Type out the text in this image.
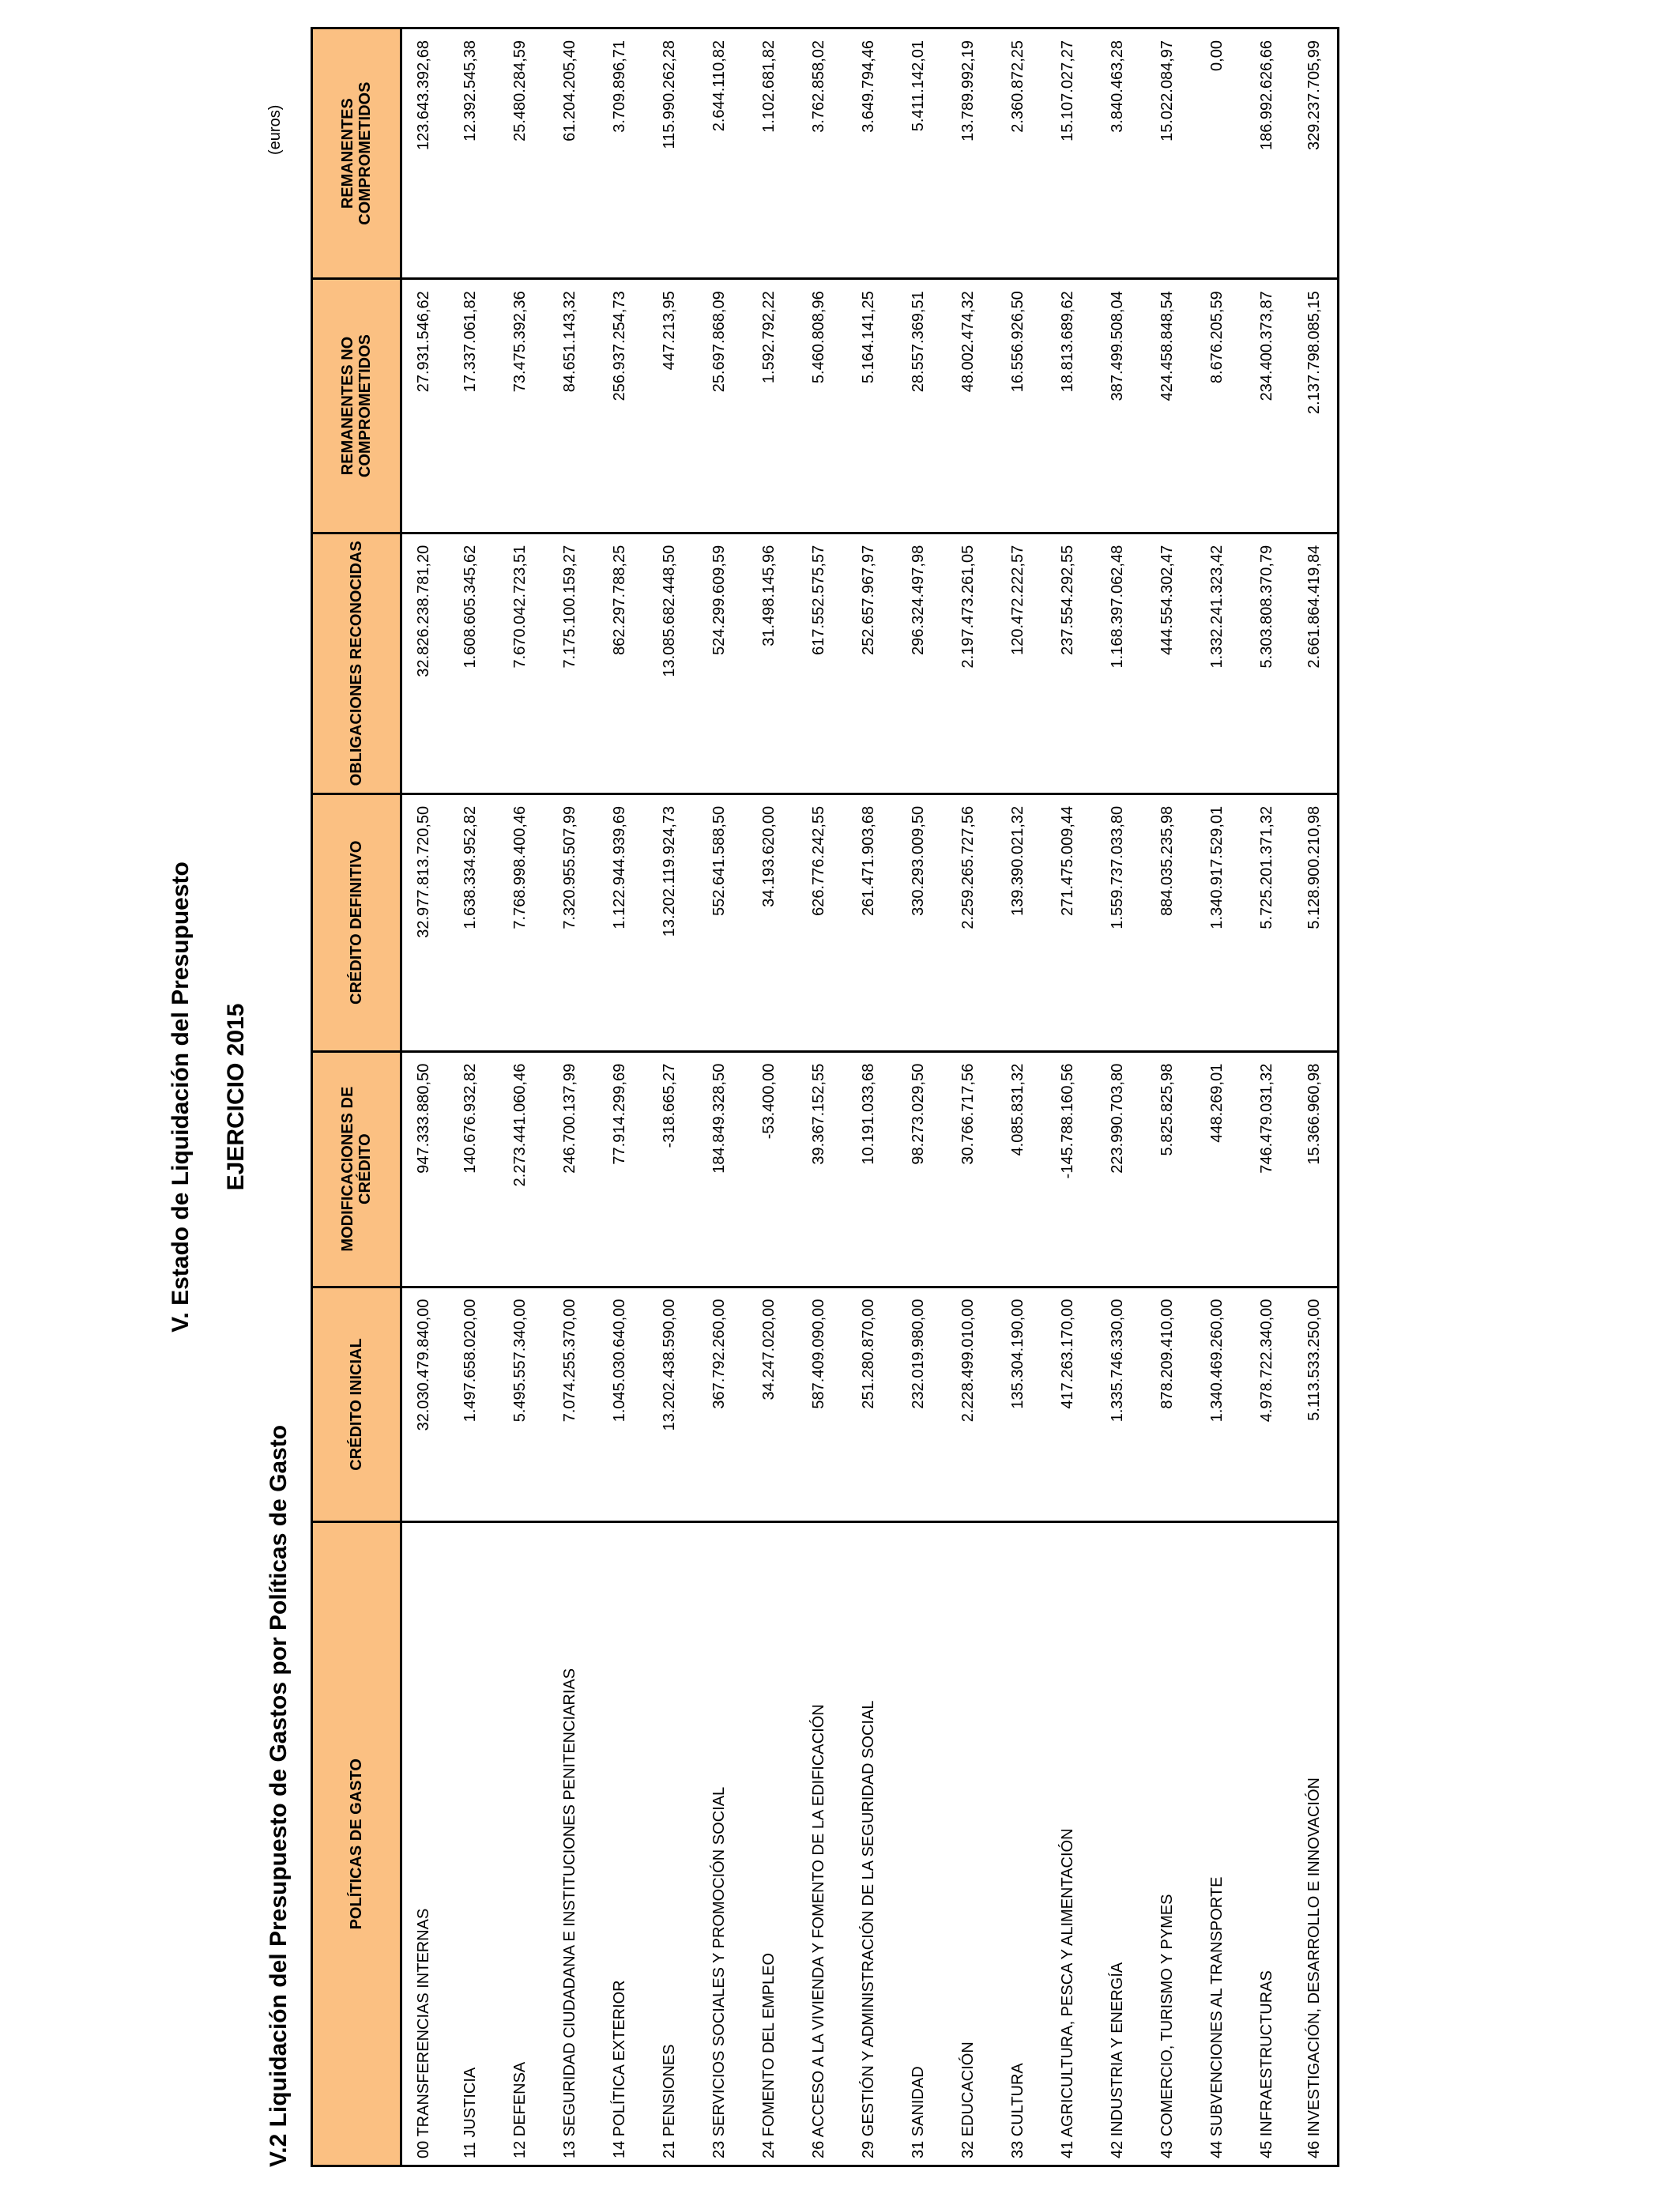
V. Estado de Liquidación del Presupuesto EJERCICIO 2015
V.2 Liquidación del Presupuesto de Gastos por Políticas de Gasto
(euros)
POLÍTICAS DE GASTO	CRÉDITO INICIAL	MODIFICACIONES DE CRÉDITO	CRÉDITO DEFINITIVO	OBLIGACIONES RECONOCIDAS	REMANENTES NO COMPROMETIDOS	REMANENTES COMPROMETIDOS
00 TRANSFERENCIAS INTERNAS	32.030.479.840,00	947.333.880,50	32.977.813.720,50	32.826.238.781,20	27.931.546,62	123.643.392,68
11 JUSTICIA	1.497.658.020,00	140.676.932,82	1.638.334.952,82	1.608.605.345,62	17.337.061,82	12.392.545,38
12 DEFENSA	5.495.557.340,00	2.273.441.060,46	7.768.998.400,46	7.670.042.723,51	73.475.392,36	25.480.284,59
13 SEGURIDAD CIUDADANA E INSTITUCIONES PENITENCIARIAS	7.074.255.370,00	246.700.137,99	7.320.955.507,99	7.175.100.159,27	84.651.143,32	61.204.205,40
14 POLÍTICA EXTERIOR	1.045.030.640,00	77.914.299,69	1.122.944.939,69	862.297.788,25	256.937.254,73	3.709.896,71
21 PENSIONES	13.202.438.590,00	-318.665,27	13.202.119.924,73	13.085.682.448,50	447.213,95	115.990.262,28
23 SERVICIOS SOCIALES Y PROMOCIÓN SOCIAL	367.792.260,00	184.849.328,50	552.641.588,50	524.299.609,59	25.697.868,09	2.644.110,82
24 FOMENTO DEL EMPLEO	34.247.020,00	-53.400,00	34.193.620,00	31.498.145,96	1.592.792,22	1.102.681,82
26 ACCESO A LA VIVIENDA Y FOMENTO DE LA EDIFICACIÓN	587.409.090,00	39.367.152,55	626.776.242,55	617.552.575,57	5.460.808,96	3.762.858,02
29 GESTIÓN Y ADMINISTRACIÓN DE LA SEGURIDAD SOCIAL	251.280.870,00	10.191.033,68	261.471.903,68	252.657.967,97	5.164.141,25	3.649.794,46
31 SANIDAD	232.019.980,00	98.273.029,50	330.293.009,50	296.324.497,98	28.557.369,51	5.411.142,01
32 EDUCACIÓN	2.228.499.010,00	30.766.717,56	2.259.265.727,56	2.197.473.261,05	48.002.474,32	13.789.992,19
33 CULTURA	135.304.190,00	4.085.831,32	139.390.021,32	120.472.222,57	16.556.926,50	2.360.872,25
41 AGRICULTURA, PESCA Y ALIMENTACIÓN	417.263.170,00	-145.788.160,56	271.475.009,44	237.554.292,55	18.813.689,62	15.107.027,27
42 INDUSTRIA Y ENERGÍA	1.335.746.330,00	223.990.703,80	1.559.737.033,80	1.168.397.062,48	387.499.508,04	3.840.463,28
43 COMERCIO, TURISMO Y PYMES	878.209.410,00	5.825.825,98	884.035.235,98	444.554.302,47	424.458.848,54	15.022.084,97
44 SUBVENCIONES AL TRANSPORTE	1.340.469.260,00	448.269,01	1.340.917.529,01	1.332.241.323,42	8.676.205,59	0,00
45 INFRAESTRUCTURAS	4.978.722.340,00	746.479.031,32	5.725.201.371,32	5.303.808.370,79	234.400.373,87	186.992.626,66
46 INVESTIGACIÓN, DESARROLLO E INNOVACIÓN	5.113.533.250,00	15.366.960,98	5.128.900.210,98	2.661.864.419,84	2.137.798.085,15	329.237.705,99
